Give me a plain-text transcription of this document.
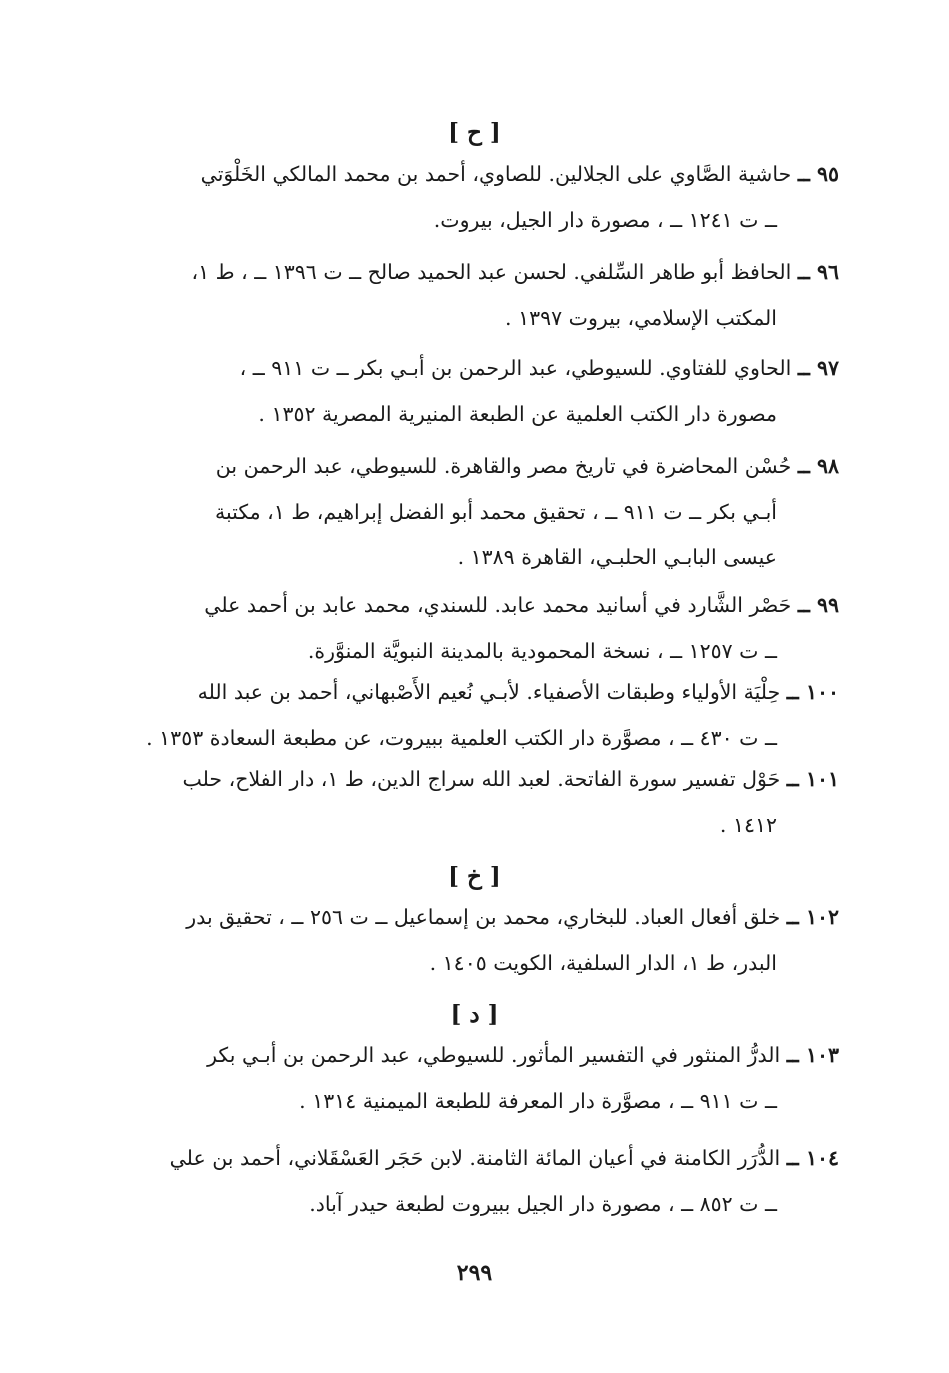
[ ح ]
٩٥ ــ حاشية الصَّاوي على الجلالين. للصاوي، أحمد بن محمد المالكي الخَلْوَتي
ــ ت ١٢٤١ ــ ، مصورة دار الجيل، بيروت.
٩٦ ــ الحافظ أبو طاهر السِّلفي. لحسن عبد الحميد صالح ــ ت ١٣٩٦ ــ ، ط ١،
المكتب الإسلامي، بيروت ١٣٩٧ .
٩٧ ــ الحاوي للفتاوي. للسيوطي، عبد الرحمن بن أبـي بكر ــ ت ٩١١ ــ ،
مصورة دار الكتب العلمية عن الطبعة المنيرية المصرية ١٣٥٢ .
٩٨ ــ حُسْن المحاضرة في تاريخ مصر والقاهرة. للسيوطي، عبد الرحمن بن
أبـي بكر ــ ت ٩١١ ــ ، تحقيق محمد أبو الفضل إبراهيم، ط ١، مكتبة
عيسى البابـي الحلبـي، القاهرة ١٣٨٩ .
٩٩ ــ حَصْر الشَّارد في أسانيد محمد عابد. للسندي، محمد عابد بن أحمد علي
ــ ت ١٢٥٧ ــ ، نسخة المحمودية بالمدينة النبويَّة المنوَّرة.
١٠٠ ــ حِلْيَة الأولياء وطبقات الأصفياء. لأبـي نُعيم الأَصْبهاني، أحمد بن عبد الله
ــ ت ٤٣٠ ــ ، مصوَّرة دار الكتب العلمية ببيروت، عن مطبعة السعادة ١٣٥٣ .
١٠١ ــ حَوْل تفسير سورة الفاتحة. لعبد الله سراج الدين، ط ١، دار الفلاح، حلب
١٤١٢ .
[ خ ]
١٠٢ ــ خلق أفعال العباد. للبخاري، محمد بن إسماعيل ــ ت ٢٥٦ ــ ، تحقيق بدر
البدر، ط ١، الدار السلفية، الكويت ١٤٠٥ .
[ د ]
١٠٣ ــ الدرُّ المنثور في التفسير المأثور. للسيوطي، عبد الرحمن بن أبـي بكر
ــ ت ٩١١ ــ ، مصوَّرة دار المعرفة للطبعة الميمنية ١٣١٤ .
١٠٤ ــ الدُّرَر الكامنة في أعيان المائة الثامنة. لابن حَجَر العَسْقَلاني، أحمد بن علي
ــ ت ٨٥٢ ــ ، مصورة دار الجيل ببيروت لطبعة حيدر آباد.
٢٩٩
